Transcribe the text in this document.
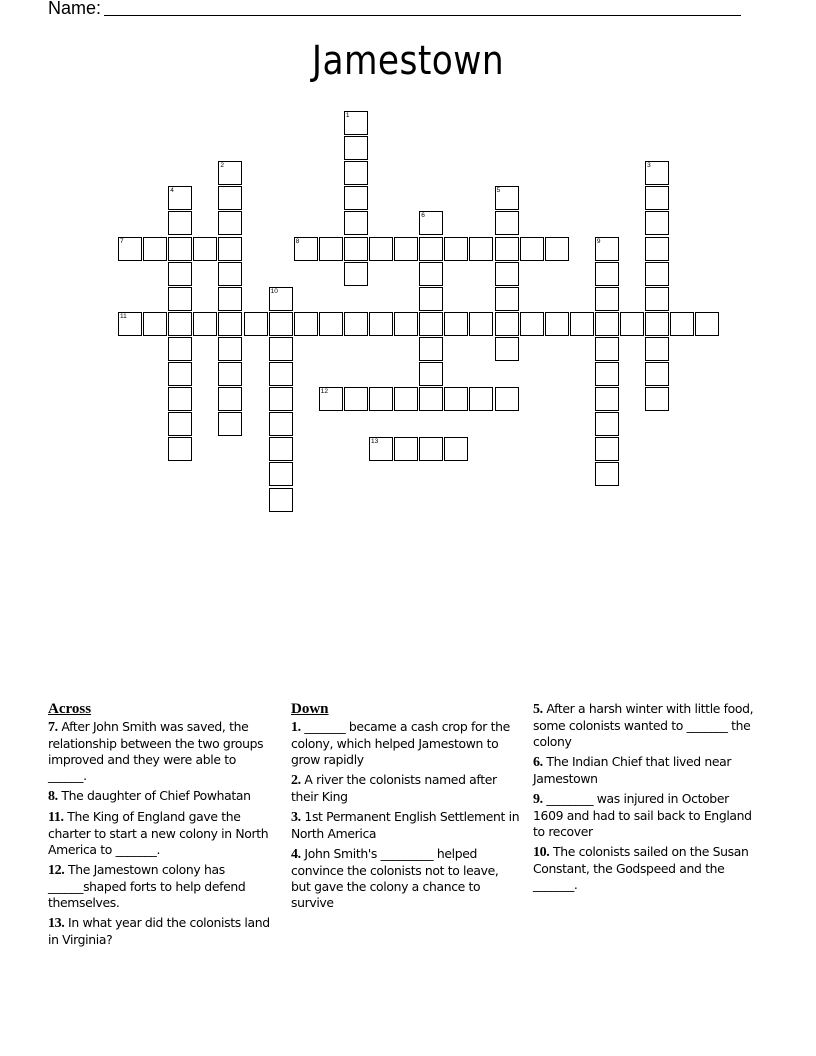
Name:
Jamestown
7	8
11
12
13
1
2	3
4	5
6
9
10
Across
7. After John Smith was saved, the relationship between the two groups improved and they were able to ______.
8. The daughter of Chief Powhatan
11. The King of England gave the charter to start a new colony in North America to _______.
12. The Jamestown colony has ______shaped forts to help defend themselves.
13. In what year did the colonists land in Virginia?
Down
1. _______ became a cash crop for the colony, which helped Jamestown to grow rapidly
2. A river the colonists named after their King
3. 1st Permanent English Settlement in North America
4. John Smith's _________ helped convince the colonists not to leave, but gave the colony a chance to survive
5. After a harsh winter with little food, some colonists wanted to _______ the colony
6. The Indian Chief that lived near Jamestown
9. ________ was injured in October 1609 and had to sail back to England to recover
10. The colonists sailed on the Susan Constant, the Godspeed and the _______.
